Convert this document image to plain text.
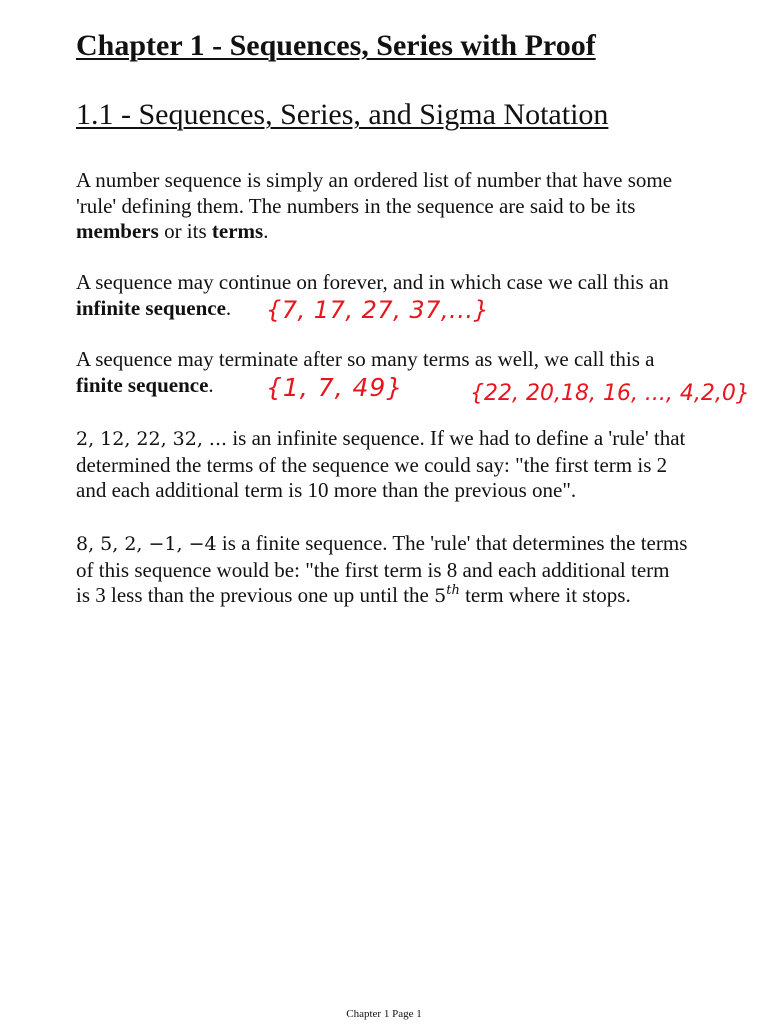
Chapter 1 - Sequences, Series with Proof
1.1 - Sequences, Series, and Sigma Notation
A number sequence is simply an ordered list of number that have some
'rule' defining them. The numbers in the sequence are said to be its
members or its terms.
A sequence may continue on forever, and in which case we call this an
infinite sequence.	{7, 17, 27, 37,...}
A sequence may terminate after so many terms as well, we call this a
finite sequence.	{1, 7, 49}	{22, 20,18, 16, ..., 4,2,0}
2, 12, 22, 32, ... is an infinite sequence. If we had to define a 'rule' that
determined the terms of the sequence we could say: "the first term is 2
and each additional term is 10 more than the previous one".
8, 5, 2, −1, −4 is a finite sequence. The 'rule' that determines the terms
of this sequence would be: "the first term is 8 and each additional term
is 3 less than the previous one up until the 5th term where it stops.
Chapter 1 Page 1
